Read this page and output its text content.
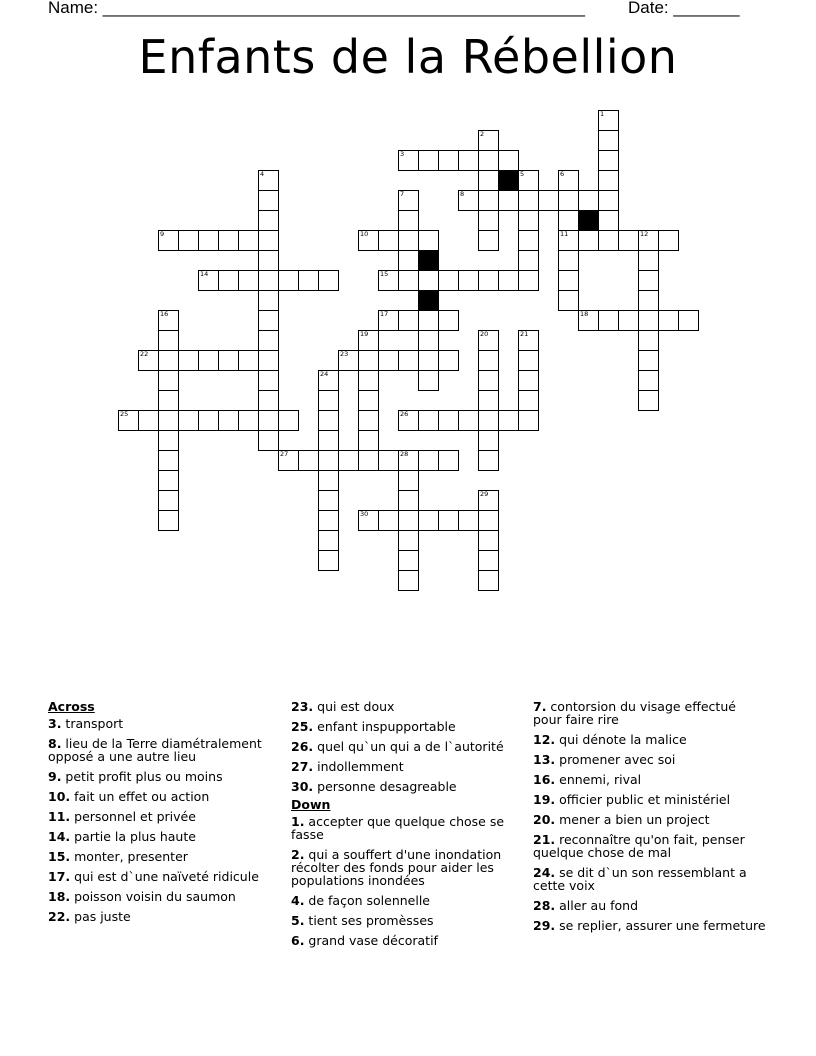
Name: ___________________________________________________	Date: _______
Enfants de la Rébellion
1
2
3
4	5	6
7	8
9	10	11	12
13
14	15
16	17	18
19	20	21
22	23
24
25	26
27	28
29
30
Across
3. transport
8. lieu de la Terre diamétralement opposé a une autre lieu
9. petit profit plus ou moins
10. fait un effet ou action
11. personnel et privée
14. partie la plus haute
15. monter, presenter
17. qui est d`une naïveté ridicule
18. poisson voisin du saumon
22. pas juste
23. qui est doux
25. enfant inspupportable
26. quel qu`un qui a de l`autorité
27. indollemment
30. personne desagreable
Down
1. accepter que quelque chose se fasse
2. qui a souffert d'une inondation récolter des fonds pour aider les populations inondées
4. de façon solennelle
5. tient ses promèsses
6. grand vase décoratif
7. contorsion du visage effectué pour faire rire
12. qui dénote la malice
13. promener avec soi
16. ennemi, rival
19. officier public et ministériel
20. mener a bien un project
21. reconnaître qu'on fait, penser quelque chose de mal
24. se dit d`un son ressemblant a cette voix
28. aller au fond
29. se replier, assurer une fermeture
